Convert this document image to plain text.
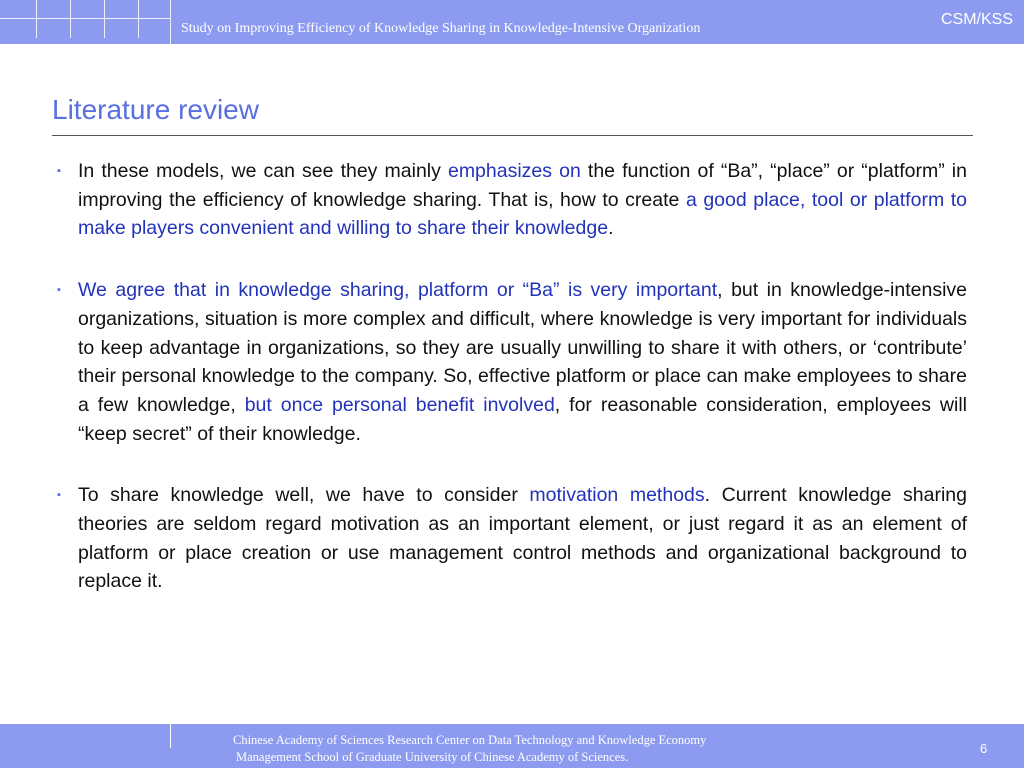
Study on Improving Efficiency of Knowledge Sharing in Knowledge-Intensive Organization
CSM/KSS
Literature review
▪ In these models, we can see they mainly emphasizes on the function of “Ba”, “place” or “platform” in improving the efficiency of knowledge sharing. That is, how to create a good place, tool or platform to make players convenient and willing to share their knowledge.
▪ We agree that in knowledge sharing, platform or “Ba” is very important, but in knowledge-intensive organizations, situation is more complex and difficult, where knowledge is very important for individuals to keep advantage in organizations, so they are usually unwilling to share it with others, or ‘contribute’ their personal knowledge to the company. So, effective platform or place can make employees to share a few knowledge, but once personal benefit involved, for reasonable consideration, employees will “keep secret” of their knowledge.
▪ To share knowledge well, we have to consider motivation methods. Current knowledge sharing theories are seldom regard motivation as an important element, or just regard it as an element of platform or place creation or use management control methods and organizational background to replace it.
Chinese Academy of Sciences Research Center on Data Technology and Knowledge Economy
Management School of Graduate University of Chinese Academy of Sciences.
6
